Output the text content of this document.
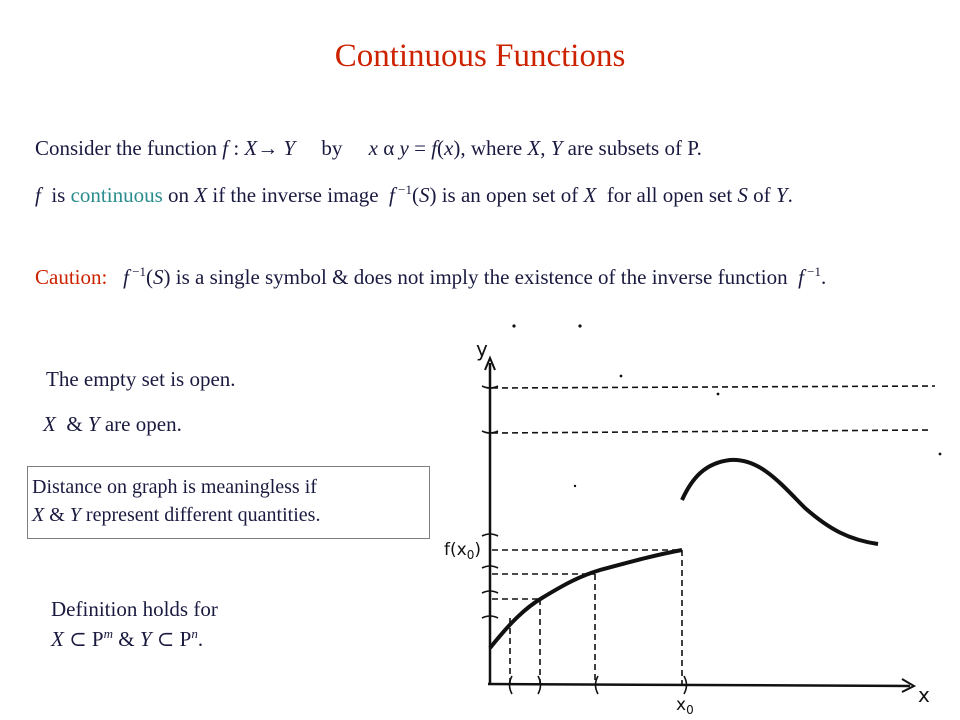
Continuous Functions
Consider the function f : X→ Y     by     x α y = f(x), where X, Y are subsets of P.
f  is continuous on X if the inverse image  f $^{-1}$(S) is an open set of X  for all open set S of Y.
Caution: f $^{-1}$(S) is a single symbol & does not imply the existence of the inverse function  f $^{-1}$.
The empty set is open.
X  & Y are open.
Distance on graph is meaningless if
X & Y represent different quantities.
Definition holds for
X ⊂ $P^m$ & Y ⊂ $P^n$.
y
x
$f(x_0)$
$x_0$
